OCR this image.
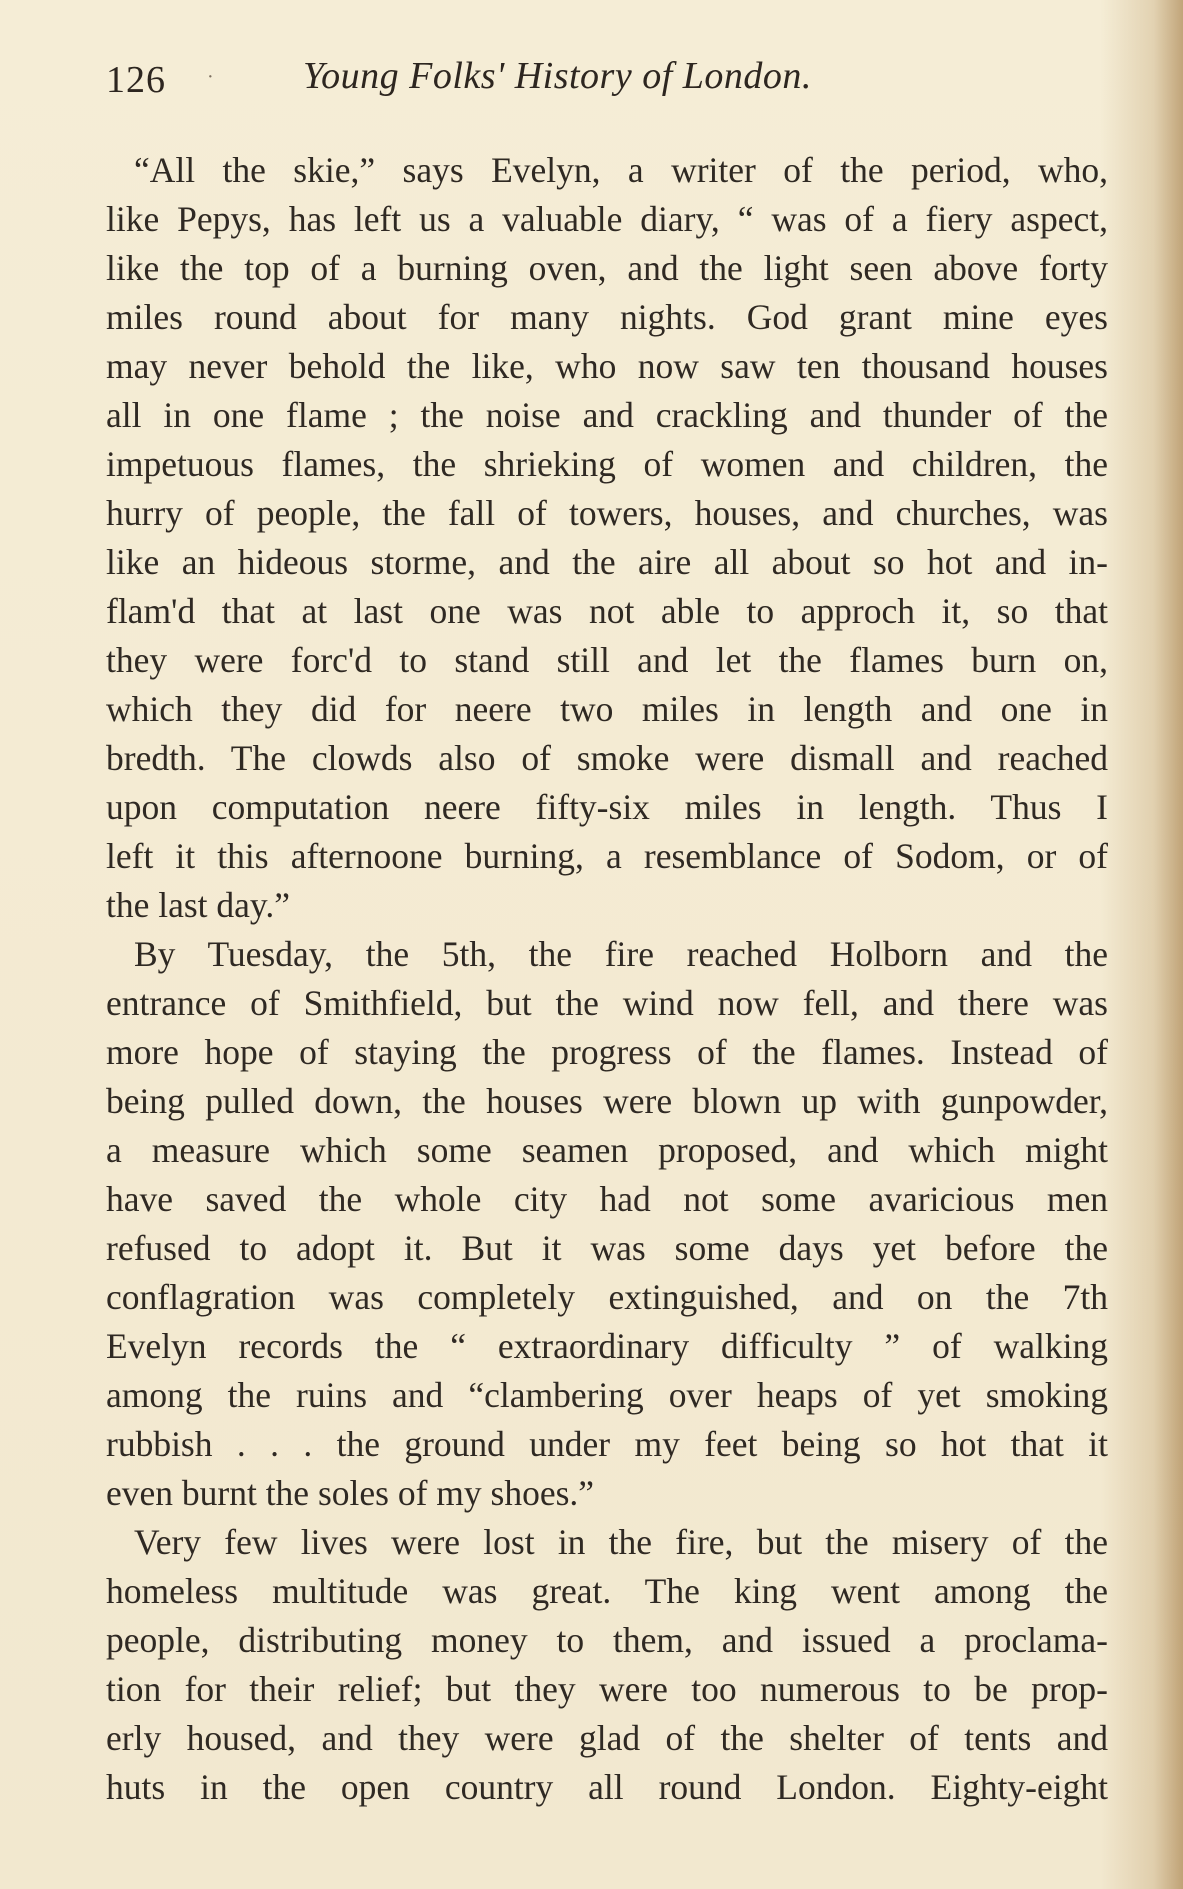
126 · Young Folks' History of London.
“All the skie,” says Evelyn, a writer of the period, who,
like Pepys, has left us a valuable diary, “ was of a fiery aspect,
like the top of a burning oven, and the light seen above forty
miles round about for many nights. God grant mine eyes
may never behold the like, who now saw ten thousand houses
all in one flame ; the noise and crackling and thunder of the
impetuous flames, the shrieking of women and children, the
hurry of people, the fall of towers, houses, and churches, was
like an hideous storme, and the aire all about so hot and in-
flam'd that at last one was not able to approch it, so that
they were forc'd to stand still and let the flames burn on,
which they did for neere two miles in length and one in
bredth. The clowds also of smoke were dismall and reached
upon computation neere fifty-six miles in length. Thus I
left it this afternoone burning, a resemblance of Sodom, or of
the last day.”
By Tuesday, the 5th, the fire reached Holborn and the
entrance of Smithfield, but the wind now fell, and there was
more hope of staying the progress of the flames. Instead of
being pulled down, the houses were blown up with gunpowder,
a measure which some seamen proposed, and which might
have saved the whole city had not some avaricious men
refused to adopt it. But it was some days yet before the
conflagration was completely extinguished, and on the 7th
Evelyn records the “ extraordinary difficulty ” of walking
among the ruins and “clambering over heaps of yet smoking
rubbish . . . the ground under my feet being so hot that it
even burnt the soles of my shoes.”
Very few lives were lost in the fire, but the misery of the
homeless multitude was great. The king went among the
people, distributing money to them, and issued a proclama-
tion for their relief; but they were too numerous to be prop-
erly housed, and they were glad of the shelter of tents and
huts in the open country all round London. Eighty-eight
